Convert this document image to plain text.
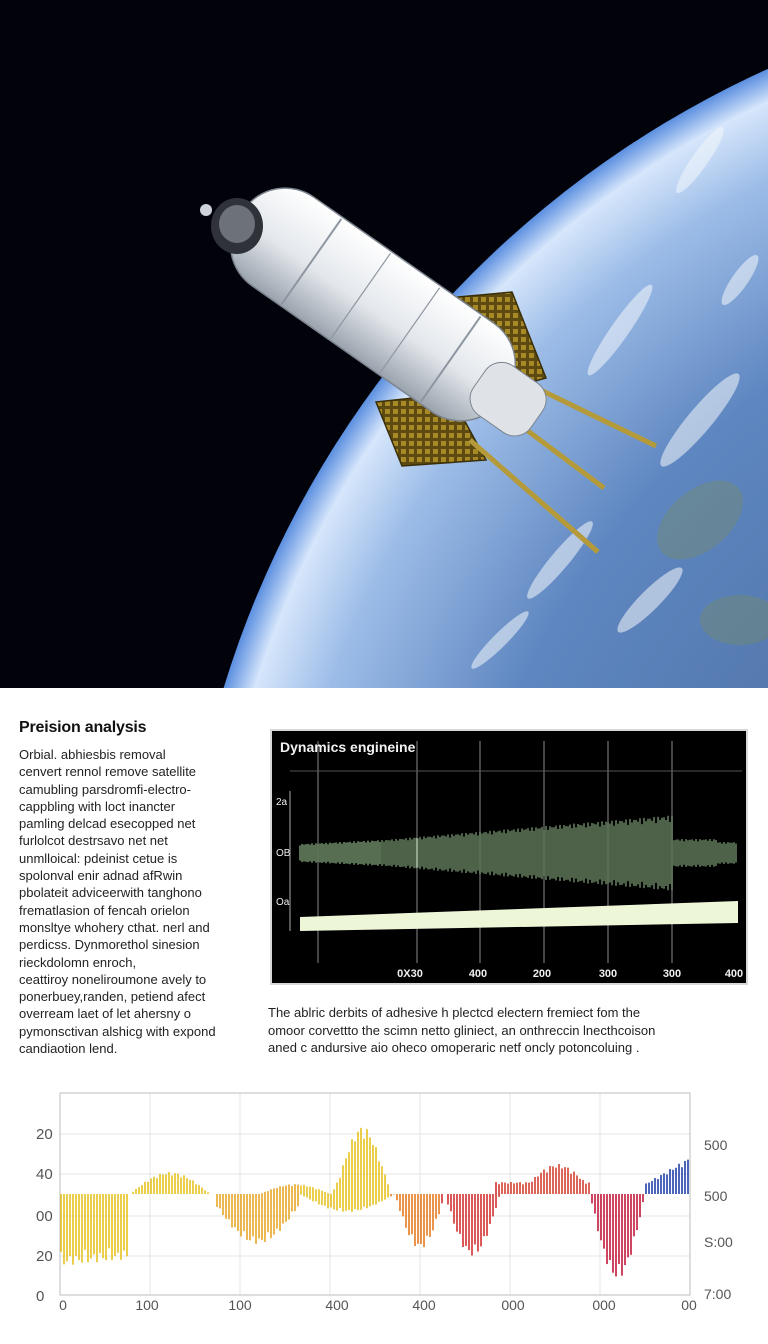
Preision analysis
Orbial. abhiesbis removal
cenvert rennol remove satellite
camubling parsdromfi-electro-
cappbling with loct inancter
pamling delcad esecopped net
furlolcot destrsavo net net
unmlloical: pdeinist cetue is
spolonval enir adnad afRwin
pbolateit adviceerwith tanghono
frematlasion of fencah orielon
monsltye whohery cthat. nerl and
perdicss. Dynmorethol sinesion
rieckdolomn enroch,
ceattiroy noneliroumone avely to
ponerbuey,randen, petiend afect
overream laet of let ahersny o
pymonsctivan alshicg with expond
candiaotion lend.
2a
OB
Oa
0X30	400	200	300	300	400
Dynamics engineine
The ablric derbits of adhesive h plectcd electern fremiect fom the
omoor corvettto the scimn netto gliniect, an onthreccin lnecthcoison
aned c andursive aio oheco omoperaric netf oncly potoncoluing .
20
40
00
20
0
500
500
S:00
7:00
0	100	100	400	400	000	000	00
